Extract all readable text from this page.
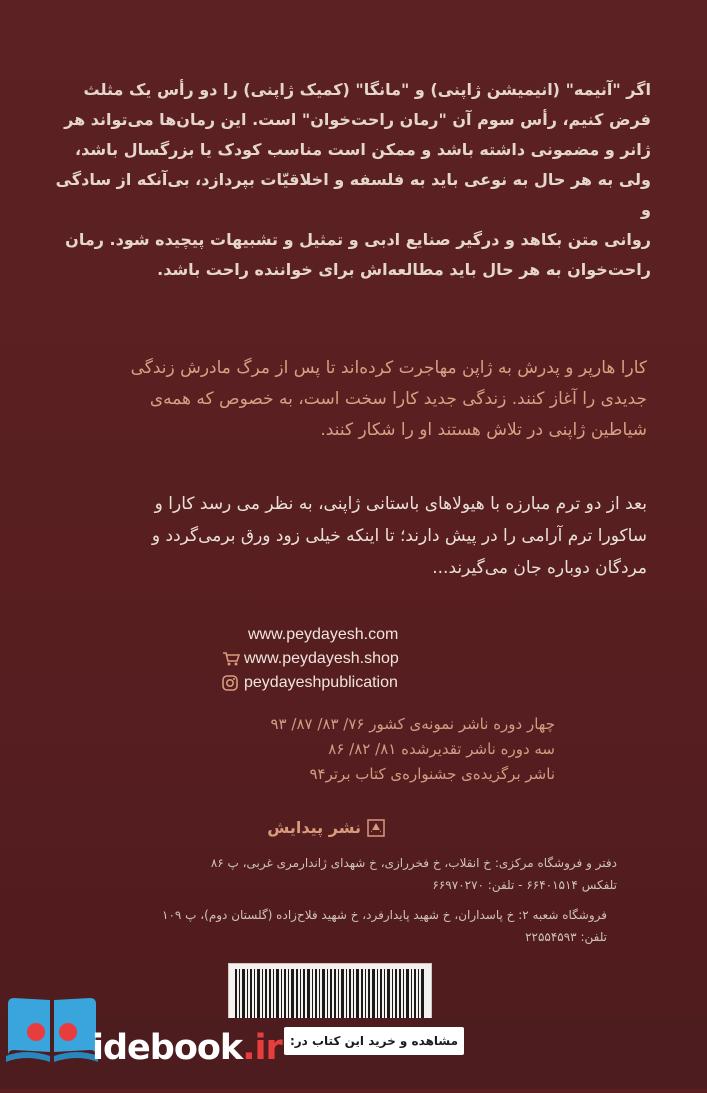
اگر "آنیمه" (انیمیشن ژاپنی) و "مانگا" (کمیک ژاپنی) را دو رأس یک مثلث
فرض کنیم، رأس سوم آن "رمان راحت‌خوان" است. این رمان‌ها می‌تواند هر
ژانر و مضمونی داشته باشد و ممکن است مناسب کودک یا بزرگسال باشد،
ولی به هر حال به نوعی باید به فلسفه و اخلاقیّات بپردازد، بی‌آنکه از سادگی و
روانی متن بکاهد و درگیر صنایع ادبی و تمثیل و تشبیهات پیچیده شود. رمان
راحت‌خوان به هر حال باید مطالعه‌اش برای خواننده راحت باشد.
کارا هارپر و پدرش به ژاپن مهاجرت کرده‌اند تا پس از مرگ مادرش زندگی
جدیدی را آغاز کنند. زندگی جدید کارا سخت است، به خصوص که همه‌ی
شیاطین ژاپنی در تلاش هستند او را شکار کنند.
بعد از دو ترم مبارزه با هیولاهای باستانی ژاپنی، به نظر می رسد کارا و
ساکورا ترم آرامی را در پیش دارند؛ تا اینکه خیلی زود ورق برمی‌گردد و
مردگان دوباره جان می‌گیرند...
www.peydayesh.com
www.peydayesh.shop
peydayeshpublication
چهار دوره ناشر نمونه‌ی کشور ۷۶/ ۸۳/ ۸۷/ ۹۳
سه دوره ناشر تقدیرشده ۸۱/ ۸۲/ ۸۶
ناشر برگزیده‌ی جشنواره‌ی کتاب برتر۹۴
نشر پیدایش
دفتر و فروشگاه مرکزی: خ انقلاب، خ فخررازی، خ شهدای ژاندارمری غربی، پ ۸۶
تلفکس ۶۶۴۰۱۵۱۴ - تلفن: ۶۶۹۷۰۲۷۰
فروشگاه شعبه ۲: خ پاسداران، خ شهید پایدارفرد، خ شهید فلاح‌زاده (گلستان دوم)، پ ۱۰۹
تلفن: ۲۲۵۵۴۵۹۳
idebook.ir مشاهده و خرید این کتاب در:
